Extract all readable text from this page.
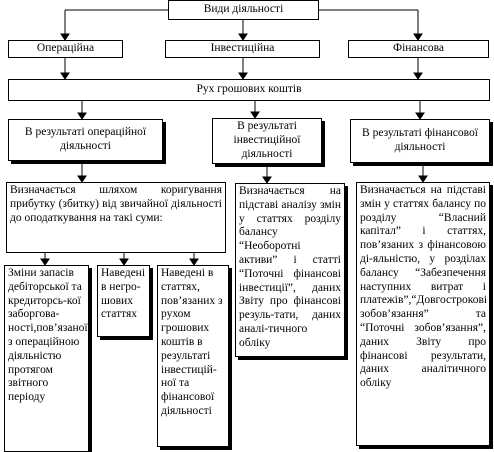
Види діяльності
Операційна	Інвестиційна	Фінансова
Рух грошових коштів
В результаті операційної діяльності
В результаті інвестиційної діяльності
В результаті фінансової діяльності
Визначається шляхом коригування прибутку (збитку) від звичайної діяльності до оподаткування на такі суми:
Визначається на підставі аналізу змін у статтях розділу балансу “Необоротні активи” і статті “Поточні фінансові інвестиції”, даних Звіту про фінансові резуль-тати, даних аналі-тичного обліку
Визначається на підставі змін у статтях балансу по розділу “Власний капітал” і статтях, пов’язаних з фінансовою ді-яльністю, у розділах балансу “Забезпечення наступних витрат і платежів”,“Довгострокові зобов’язання” та “Поточні зобов’язання”, даних Звіту про фінансові результати, даних аналітичного обліку
Зміни запасів дебіторської та кредиторсь-кої заборгова-ності,пов’язаної з операційною діяльністю протягом звітного періоду
Наведені в негро-шових статтях
Наведені в статтях, пов’язаних з рухом грошових коштів в результаті інвестицій-ної та фінансової діяльності
